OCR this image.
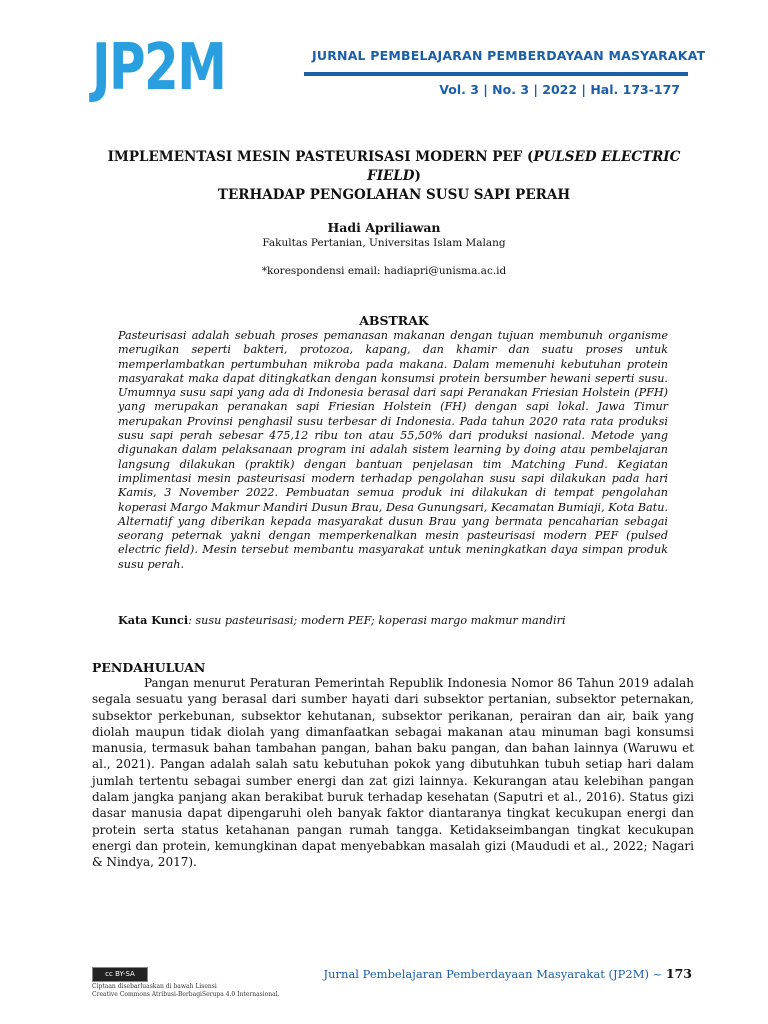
JP2M	JURNAL PEMBELAJARAN PEMBERDAYAAN MASYARAKAT
Vol. 3 | No. 3 | 2022 | Hal. 173-177
IMPLEMENTASI MESIN PASTEURISASI MODERN PEF (PULSED ELECTRIC FIELD)
TERHADAP PENGOLAHAN SUSU SAPI PERAH
Hadi Apriliawan
Fakultas Pertanian, Universitas Islam Malang
*korespondensi email: hadiapri@unisma.ac.id
ABSTRAK

Pasteurisasi adalah sebuah proses pemanasan makanan dengan tujuan membunuh organisme merugikan seperti bakteri, protozoa, kapang, dan khamir dan suatu proses untuk memperlambatkan pertumbuhan mikroba pada makana. Dalam memenuhi kebutuhan protein masyarakat maka dapat ditingkatkan dengan konsumsi protein bersumber hewani seperti susu. Umumnya susu sapi yang ada di Indonesia berasal dari sapi Peranakan Friesian Holstein (PFH) yang merupakan peranakan sapi Friesian Holstein (FH) dengan sapi lokal. Jawa Timur merupakan Provinsi penghasil susu terbesar di Indonesia. Pada tahun 2020 rata rata produksi susu sapi perah sebesar 475,12 ribu ton atau 55,50% dari produksi nasional. Metode yang digunakan dalam pelaksanaan program ini adalah sistem learning by doing atau pembelajaran langsung dilakukan (praktik) dengan bantuan penjelasan tim Matching Fund. Kegiatan implimentasi mesin pasteurisasi modern terhadap pengolahan susu sapi dilakukan pada hari Kamis, 3 November 2022. Pembuatan semua produk ini dilakukan di tempat pengolahan koperasi Margo Makmur Mandiri Dusun Brau, Desa Gunungsari, Kecamatan Bumiaji, Kota Batu. Alternatif yang diberikan kepada masyarakat dusun Brau yang bermata pencaharian sebagai seorang peternak yakni dengan memperkenalkan mesin pasteurisasi modern PEF (pulsed electric field). Mesin tersebut membantu masyarakat untuk meningkatkan daya simpan produk susu perah.

Kata Kunci: susu pasteurisasi; modern PEF; koperasi margo makmur mandiri
PENDAHULUAN

Pangan menurut Peraturan Pemerintah Republik Indonesia Nomor 86 Tahun 2019 adalah segala sesuatu yang berasal dari sumber hayati dari subsektor pertanian, subsektor peternakan, subsektor perkebunan, subsektor kehutanan, subsektor perikanan, perairan dan air, baik yang diolah maupun tidak diolah yang dimanfaatkan sebagai makanan atau minuman bagi konsumsi manusia, termasuk bahan tambahan pangan, bahan baku pangan, dan bahan lainnya (Waruwu et al., 2021). Pangan adalah salah satu kebutuhan pokok yang dibutuhkan tubuh setiap hari dalam jumlah tertentu sebagai sumber energi dan zat gizi lainnya. Kekurangan atau kelebihan pangan dalam jangka panjang akan berakibat buruk terhadap kesehatan (Saputri et al., 2016). Status gizi dasar manusia dapat dipengaruhi oleh banyak faktor diantaranya tingkat kecukupan energi dan protein serta status ketahanan pangan rumah tangga. Ketidakseimbangan tingkat kecukupan energi dan protein, kemungkinan dapat menyebabkan masalah gizi (Maududi et al., 2022; Nagari & Nindya, 2017).

cc BY-SA
Ciptaan disebarluaskan di bawah Lisensi
Creative Commons Atribusi-BerbagiSerupa 4.0 Internasional.
Jurnal Pembelajaran Pemberdayaan Masyarakat (JP2M) ~ 173
